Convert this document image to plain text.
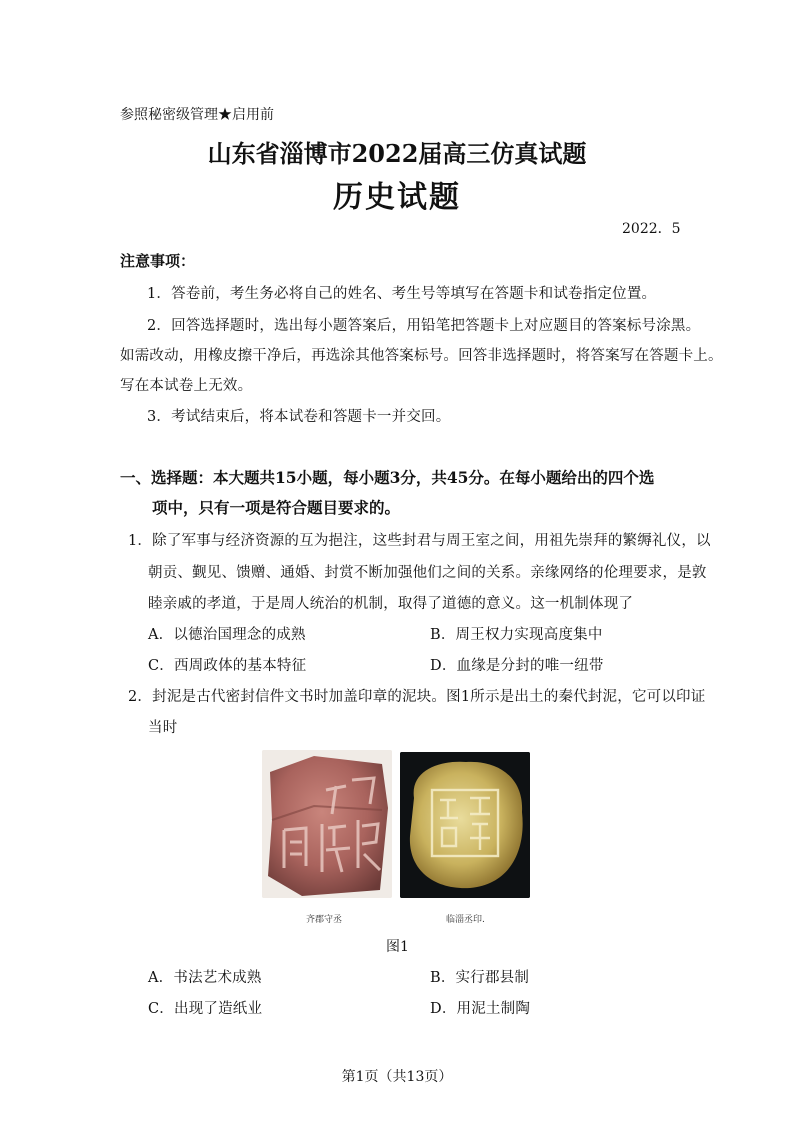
参照秘密级管理★启用前
山东省淄博市2022届高三仿真试题
历史试题
2022．5
注意事项：
1．答卷前，考生务必将自己的姓名、考生号等填写在答题卡和试卷指定位置。
2．回答选择题时，选出每小题答案后，用铅笔把答题卡上对应题目的答案标号涂黑。
如需改动，用橡皮擦干净后，再选涂其他答案标号。回答非选择题时，将答案写在答题卡上。
写在本试卷上无效。
3．考试结束后，将本试卷和答题卡一并交回。
一、选择题：本大题共15小题，每小题3分，共45分。在每小题给出的四个选
项中，只有一项是符合题目要求的。
1．除了军事与经济资源的互为挹注，这些封君与周王室之间，用祖先崇拜的繁缛礼仪，以
朝贡、觐见、馈赠、通婚、封赏不断加强他们之间的关系。亲缘网络的伦理要求，是敦
睦亲戚的孝道，于是周人统治的机制，取得了道德的意义。这一机制体现了
A．以德治国理念的成熟	B．周王权力实现高度集中
C．西周政体的基本特征	D．血缘是分封的唯一纽带
2．封泥是古代密封信件文书时加盖印章的泥块。图1所示是出土的秦代封泥，它可以印证
当时
齐郡守丞	临淄丞印.
图1
A．书法艺术成熟	B．实行郡县制
C．出现了造纸业	D．用泥土制陶
第1页（共13页）
